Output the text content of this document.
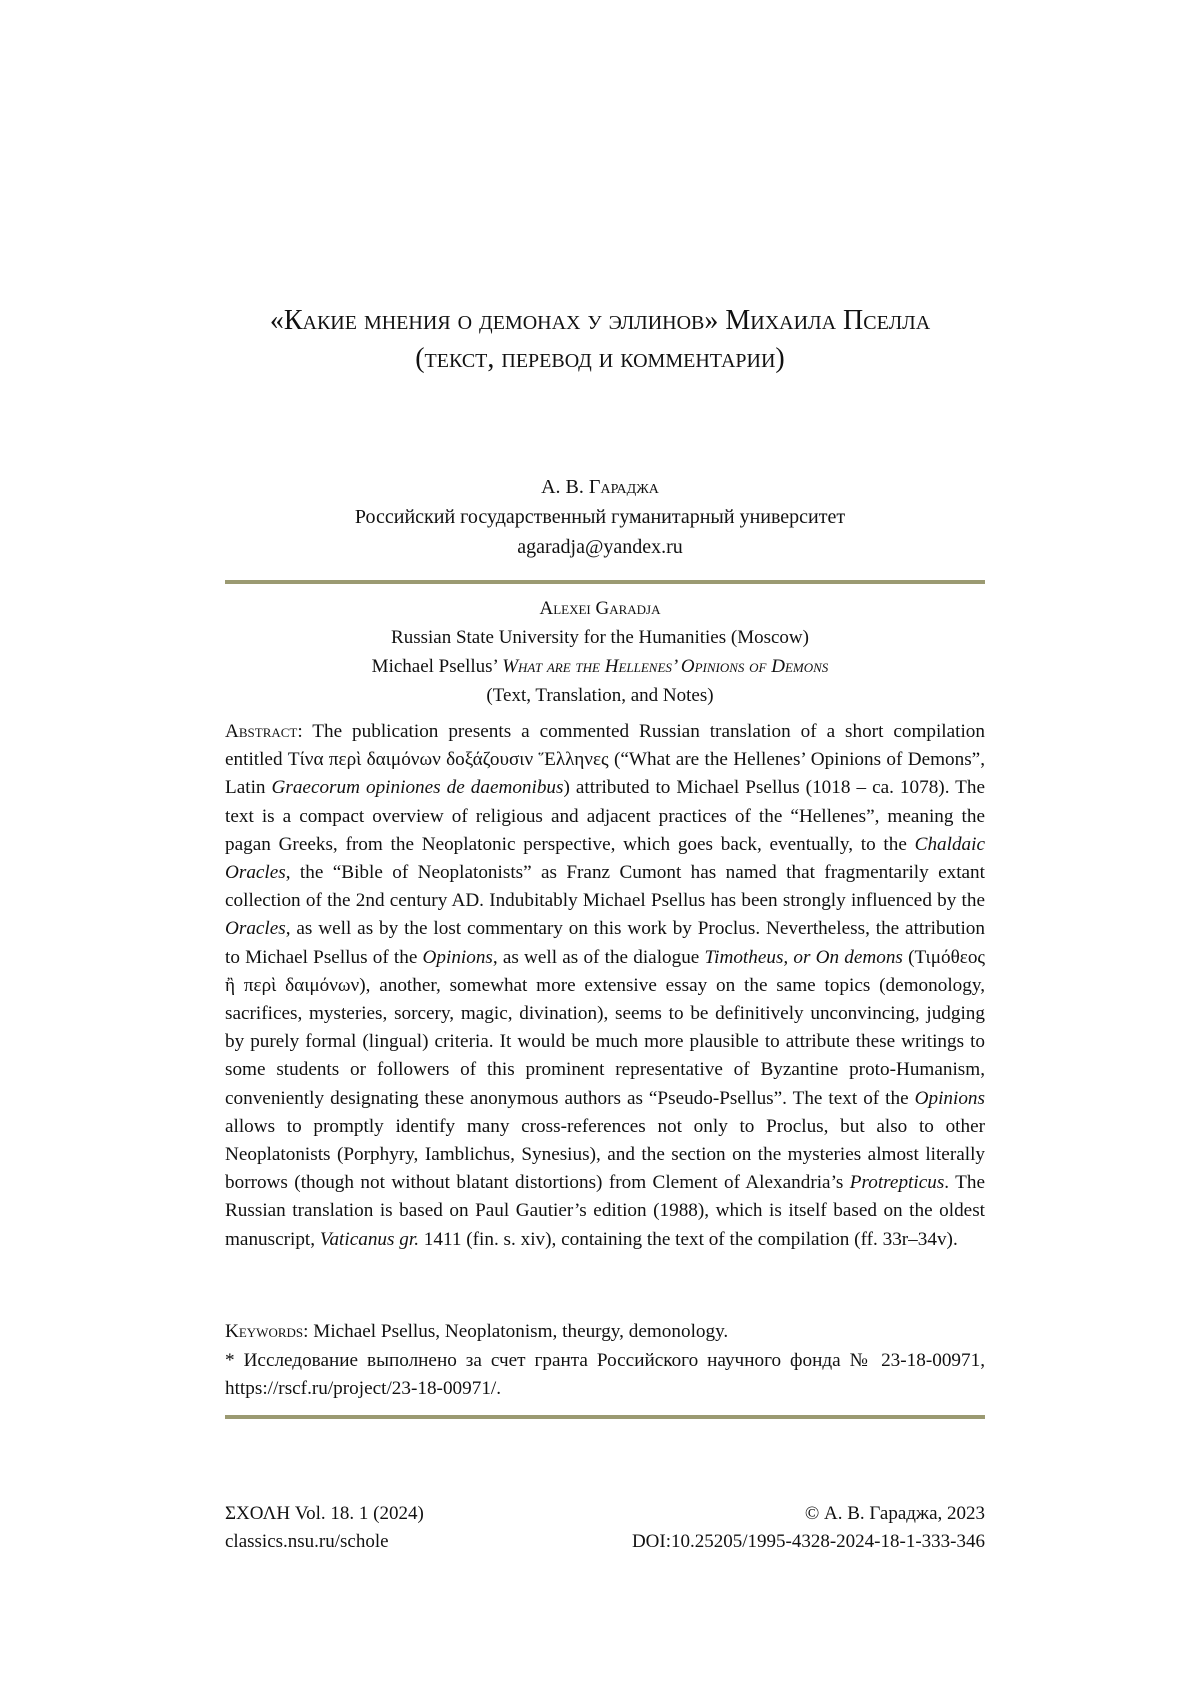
«Какие мнения о демонах у эллинов» Михаила Пселла
(текст, перевод и комментарии)
А. В. Гараджа
Российский государственный гуманитарный университет
agaradja@yandex.ru
Alexei Garadja
Russian State University for the Humanities (Moscow)
Michael Psellus’ What are the Hellenes’ Opinions of Demons
(Text, Translation, and Notes)
Abstract: The publication presents a commented Russian translation of a short compilation entitled Τίνα περὶ δαιμόνων δοξάζουσιν Ἕλληνες (“What are the Hellenes’ Opinions of Demons”, Latin Graecorum opiniones de daemonibus) attributed to Michael Psellus (1018 – ca. 1078). The text is a compact overview of religious and adjacent practices of the “Hellenes”, meaning the pagan Greeks, from the Neoplatonic perspective, which goes back, eventually, to the Chaldaic Oracles, the “Bible of Neoplatonists” as Franz Cumont has named that fragmentarily extant collection of the 2nd century AD. Indubitably Michael Psellus has been strongly influenced by the Oracles, as well as by the lost commentary on this work by Proclus. Nevertheless, the attribution to Michael Psellus of the Opinions, as well as of the dialogue Timotheus, or On demons (Τιμόθεος ἢ περὶ δαιμόνων), another, somewhat more extensive essay on the same topics (demonology, sacrifices, mysteries, sorcery, magic, divination), seems to be definitively unconvincing, judging by purely formal (lingual) criteria. It would be much more plausible to attribute these writings to some students or followers of this prominent representative of Byzantine proto-Humanism, conveniently designating these anonymous authors as “Pseudo-Psellus”. The text of the Opinions allows to promptly identify many cross-references not only to Proclus, but also to other Neoplatonists (Porphyry, Iamblichus, Synesius), and the section on the mysteries almost literally borrows (though not without blatant distortions) from Clement of Alexandria’s Protrepticus. The Russian translation is based on Paul Gautier’s edition (1988), which is itself based on the oldest manuscript, Vaticanus gr. 1411 (fin. s. xiv), containing the text of the compilation (ff. 33r–34v).
Keywords: Michael Psellus, Neoplatonism, theurgy, demonology.
* Исследование выполнено за счет гранта Российского научного фонда № 23-18-00971, https://rscf.ru/project/23-18-00971/.
ΣΧΟΛΗ Vol. 18. 1 (2024)
classics.nsu.ru/schole
© А. В. Гараджа, 2023
DOI:10.25205/1995-4328-2024-18-1-333-346
